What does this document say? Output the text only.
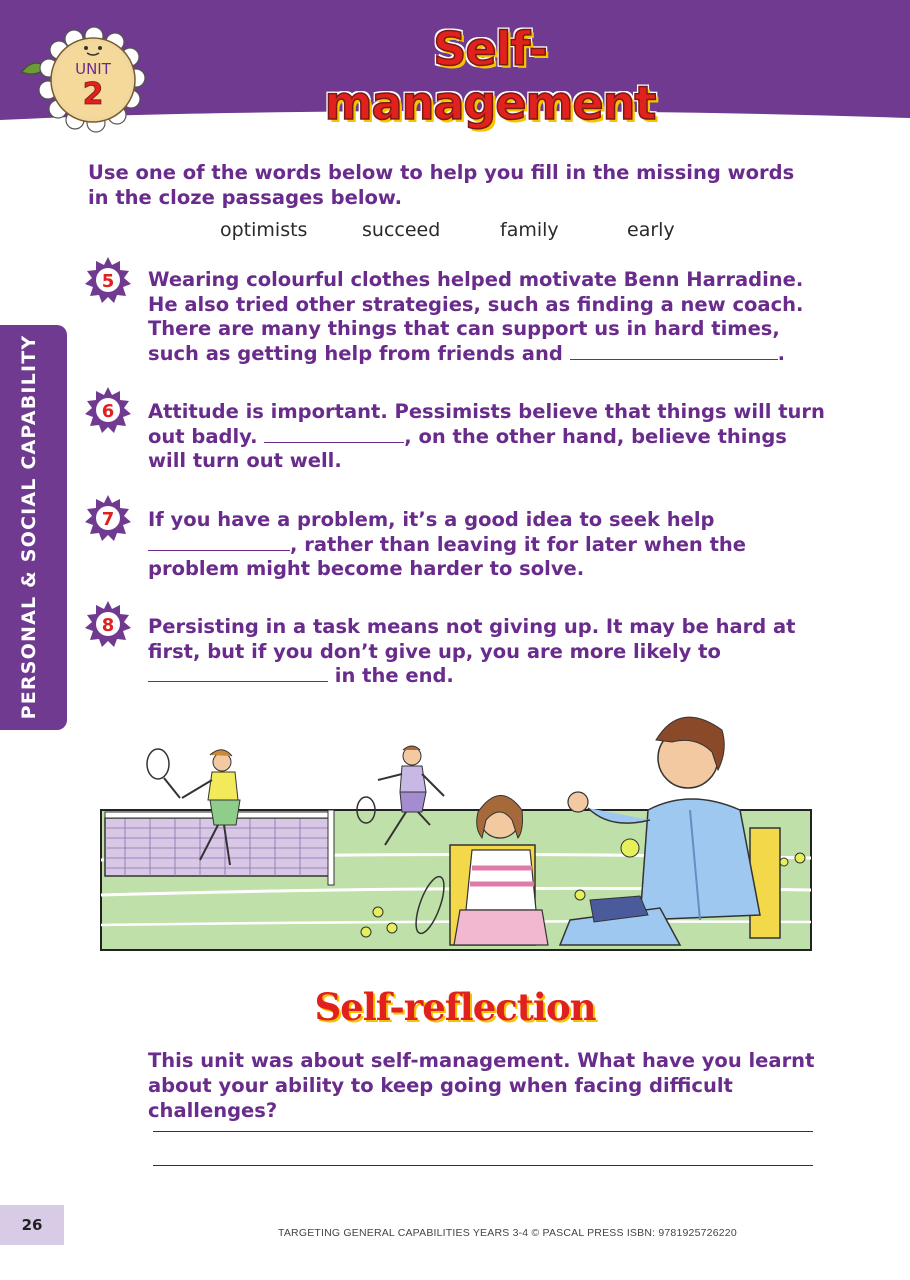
UNIT
2
Self-management
PERSONAL & SOCIAL CAPABILITY
Use one of the words below to help you fill in the missing words in the cloze passages below.
optimists	succeed	family	early
5
6
7
8
Wearing colourful clothes helped motivate Benn Harradine. He also tried other strategies, such as finding a new coach. There are many things that can support us in hard times, such as getting help from friends and	.
Attitude is important. Pessimists believe that things will turn out badly.	, on the other hand, believe things will turn out well.
If you have a problem, it’s a good idea to seek help , rather than leaving it for later when the problem might become harder to solve.
Persisting in a task means not giving up. It may be hard at first, but if you don’t give up, you are more likely to  in the end.
Self-reflection
This unit was about self-management. What have you learnt about your ability to keep going when facing difficult challenges?
26	TARGETING GENERAL CAPABILITIES YEARS 3-4 © PASCAL PRESS ISBN: 9781925726220
